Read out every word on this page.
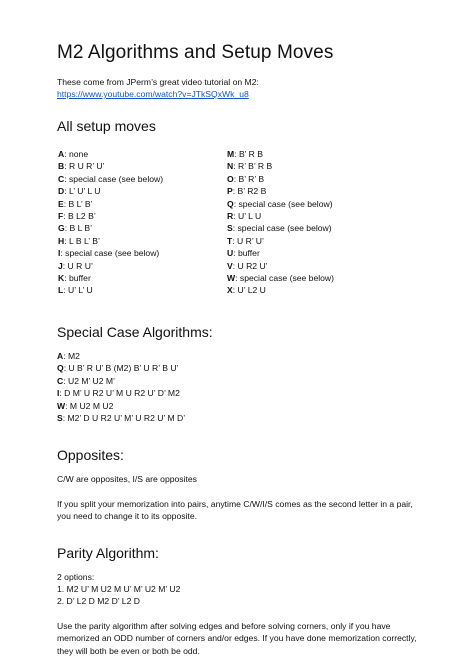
M2 Algorithms and Setup Moves

These come from JPerm’s great video tutorial on M2:

https://www.youtube.com/watch?v=JTkSQxWk_u8

All setup moves
A: none
B: R U R’ U’
C: special case (see below)
D: L’ U’ L U
E: B L’ B’
F: B L2 B’
G: B L B’
H: L B L’ B’
I: special case (see below)
J: U R U’
K: buffer
L: U’ L’ U
M: B’ R B
N: R’ B’ R B
O: B’ R’ B
P: B’ R2 B
Q: special case (see below)
R: U’ L U
S: special case (see below)
T: U R’ U’
U: buffer
V: U R2 U’
W: special case (see below)
X: U’ L2 U
Special Case Algorithms:
A: M2
Q: U B’ R U’ B (M2) B’ U R’ B U’
C: U2 M’ U2 M’
I: D M’ U R2 U’ M U R2 U’ D’ M2
W: M U2 M U2
S: M2’ D U R2 U’ M’ U R2 U’ M D’
Opposites:
C/W are opposites, I/S are opposites
If you split your memorization into pairs, anytime C/W/I/S comes as the second letter in a pair,
you need to change it to its opposite.
Parity Algorithm:
2 options:
1. M2 U’ M U2 M U’ M’ U2 M’ U2
2. D’ L2 D M2 D’ L2 D
Use the parity algorithm after solving edges and before solving corners, only if you have
memorized an ODD number of corners and/or edges. If you have done memorization correctly,
they will both be even or both be odd.
